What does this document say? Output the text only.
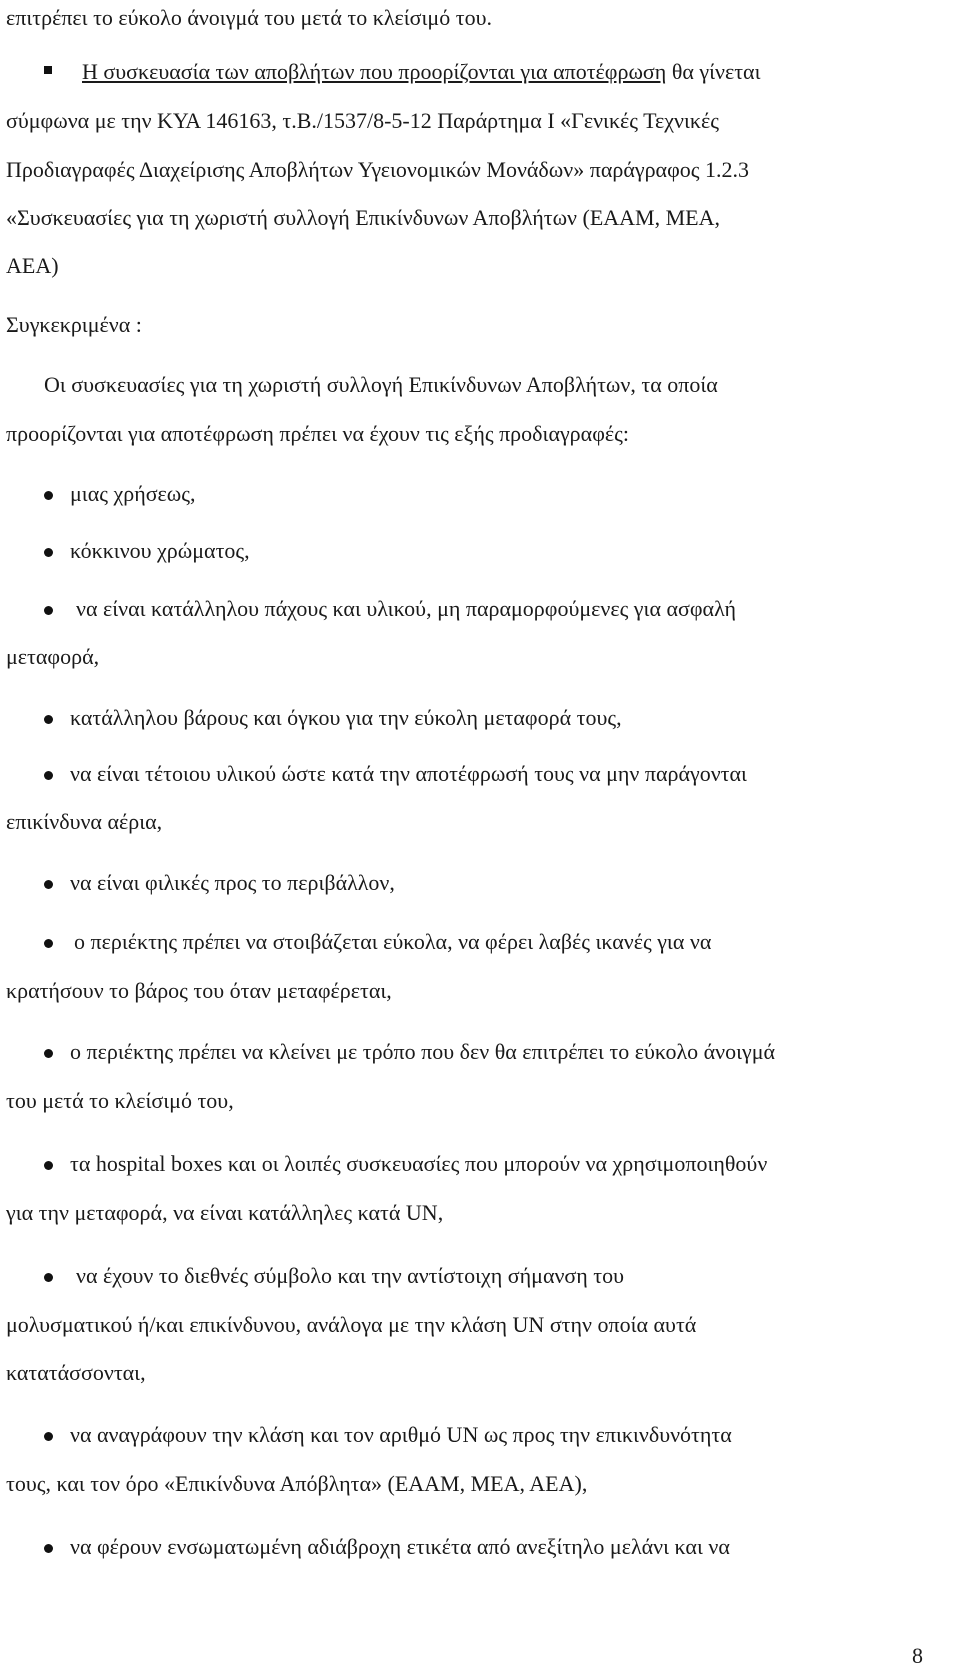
επιτρέπει το εύκολο άνοιγμά του μετά το κλείσιμό του.
Η συσκευασία των αποβλήτων που προορίζονται για αποτέφρωση θα γίνεται
σύμφωνα με την ΚΥΑ 146163, τ.Β./1537/8-5-12 Παράρτημα Ι «Γενικές Τεχνικές
Προδιαγραφές Διαχείρισης Αποβλήτων Υγειονομικών Μονάδων» παράγραφος 1.2.3
«Συσκευασίες για τη χωριστή συλλογή Επικίνδυνων Αποβλήτων (ΕΑΑΜ, ΜΕΑ,
ΑΕΑ)
Συγκεκριμένα :
Οι συσκευασίες για τη χωριστή συλλογή Επικίνδυνων Αποβλήτων, τα οποία
προορίζονται για αποτέφρωση πρέπει να έχουν τις εξής προδιαγραφές:
μιας χρήσεως,
κόκκινου χρώματος,
να είναι κατάλληλου πάχους και υλικού, μη παραμορφούμενες για ασφαλή
μεταφορά,
κατάλληλου βάρους και όγκου για την εύκολη μεταφορά τους,
να είναι τέτοιου υλικού ώστε κατά την αποτέφρωσή τους να μην παράγονται
επικίνδυνα αέρια,
να είναι φιλικές προς το περιβάλλον,
ο περιέκτης πρέπει να στοιβάζεται εύκολα, να φέρει λαβές ικανές για να
κρατήσουν το βάρος του όταν μεταφέρεται,
ο περιέκτης πρέπει να κλείνει με τρόπο που δεν θα επιτρέπει το εύκολο άνοιγμά
του μετά το κλείσιμό του,
τα hospital boxes και οι λοιπές συσκευασίες που μπορούν να χρησιμοποιηθούν
για την μεταφορά, να είναι κατάλληλες κατά UN,
να έχουν το διεθνές σύμβολο και την αντίστοιχη σήμανση του
μολυσματικού ή/και επικίνδυνου, ανάλογα με την κλάση UN στην οποία αυτά
κατατάσσονται,
να αναγράφουν την κλάση και τον αριθμό UN ως προς την επικινδυνότητα
τους, και τον όρο «Επικίνδυνα Απόβλητα» (ΕΑΑΜ, ΜΕΑ, ΑΕΑ),
να φέρουν ενσωματωμένη αδιάβροχη ετικέτα από ανεξίτηλο μελάνι και να
8
